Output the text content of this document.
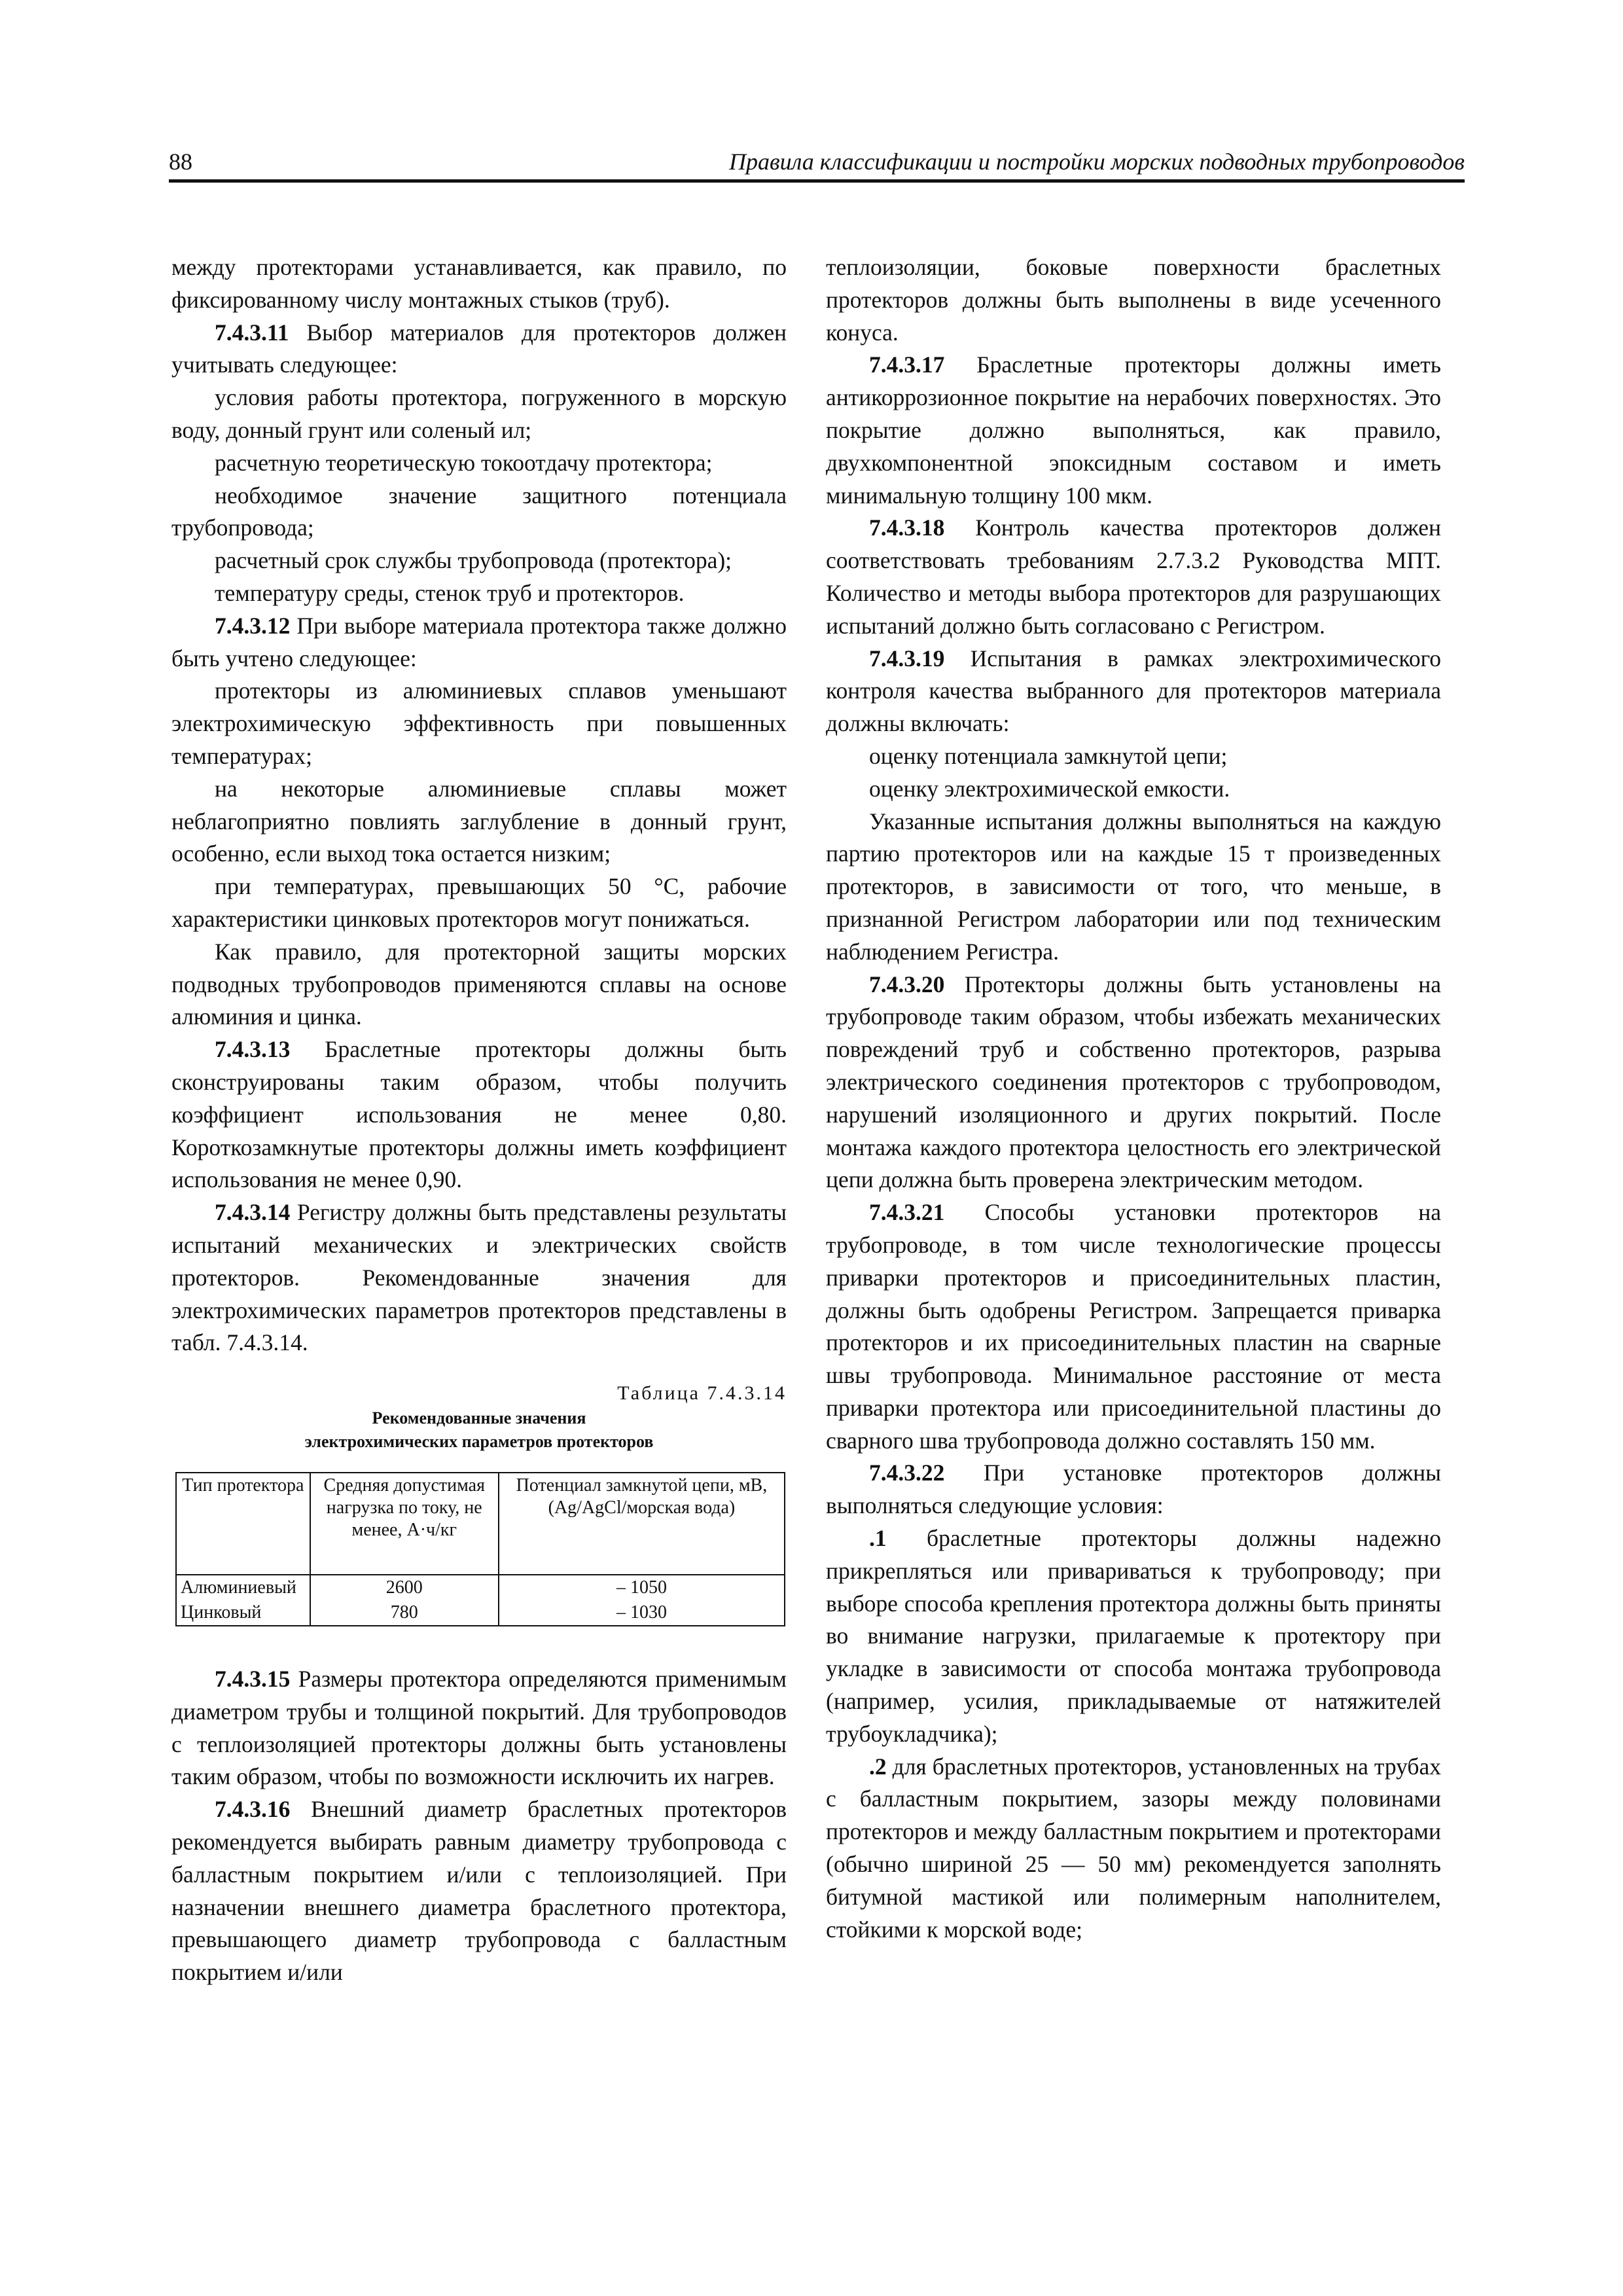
88	Правила классификации и постройки морских подводных трубопроводов

между протекторами устанавливается, как правило, по фиксированному числу монтажных стыков (труб).

7.4.3.11 Выбор материалов для протекторов должен учитывать следующее:

условия работы протектора, погруженного в морскую воду, донный грунт или соленый ил;

расчетную теоретическую токоотдачу протектора;

необходимое значение защитного потенциала трубопровода;

расчетный срок службы трубопровода (протектора);

температуру среды, стенок труб и протекторов.

7.4.3.12 При выборе материала протектора также должно быть учтено следующее:

протекторы из алюминиевых сплавов уменьшают электрохимическую эффективность при повышенных температурах;

на некоторые алюминиевые сплавы может неблагоприятно повлиять заглубление в донный грунт, особенно, если выход тока остается низким;

при температурах, превышающих 50 °С, рабочие характеристики цинковых протекторов могут понижаться.

Как правило, для протекторной защиты морских подводных трубопроводов применяются сплавы на основе алюминия и цинка.

7.4.3.13 Браслетные протекторы должны быть сконструированы таким образом, чтобы получить коэффициент использования не менее 0,80. Короткозамкнутые протекторы должны иметь коэффициент использования не менее 0,90.

7.4.3.14 Регистру должны быть представлены результаты испытаний механических и электрических свойств протекторов. Рекомендованные значения для электрохимических параметров протекторов представлены в табл. 7.4.3.14.

Таблица 7.4.3.14
Рекомендованные значения
электрохимических параметров протекторов
Тип протектора	Средняя допустимая нагрузка по току, не менее, А·ч/кг	Потенциал замкнутой цепи, мВ, (Ag/AgCl/морская вода)
Алюминиевый	2600	– 1050
Цинковый	780	– 1030

7.4.3.15 Размеры протектора определяются применимым диаметром трубы и толщиной покрытий. Для трубопроводов с теплоизоляцией протекторы должны быть установлены таким образом, чтобы по возможности исключить их нагрев.

7.4.3.16 Внешний диаметр браслетных протекторов рекомендуется выбирать равным диаметру трубопровода с балластным покрытием и/или с теплоизоляцией. При назначении внешнего диаметра браслетного протектора, превышающего диаметр трубопровода с балластным покрытием и/или

теплоизоляции, боковые поверхности браслетных протекторов должны быть выполнены в виде усеченного конуса.

7.4.3.17 Браслетные протекторы должны иметь антикоррозионное покрытие на нерабочих поверхностях. Это покрытие должно выполняться, как правило, двухкомпонентной эпоксидным составом и иметь минимальную толщину 100 мкм.

7.4.3.18 Контроль качества протекторов должен соответствовать требованиям 2.7.3.2 Руководства МПТ. Количество и методы выбора протекторов для разрушающих испытаний должно быть согласовано с Регистром.

7.4.3.19 Испытания в рамках электрохимического контроля качества выбранного для протекторов материала должны включать:

оценку потенциала замкнутой цепи;

оценку электрохимической емкости.

Указанные испытания должны выполняться на каждую партию протекторов или на каждые 15 т произведенных протекторов, в зависимости от того, что меньше, в признанной Регистром лаборатории или под техническим наблюдением Регистра.

7.4.3.20 Протекторы должны быть установлены на трубопроводе таким образом, чтобы избежать механических повреждений труб и собственно протекторов, разрыва электрического соединения протекторов с трубопроводом, нарушений изоляционного и других покрытий. После монтажа каждого протектора целостность его электрической цепи должна быть проверена электрическим методом.

7.4.3.21 Способы установки протекторов на трубопроводе, в том числе технологические процессы приварки протекторов и присоединительных пластин, должны быть одобрены Регистром. Запрещается приварка протекторов и их присоединительных пластин на сварные швы трубопровода. Минимальное расстояние от места приварки протектора или присоединительной пластины до сварного шва трубопровода должно составлять 150 мм.

7.4.3.22 При установке протекторов должны выполняться следующие условия:

.1 браслетные протекторы должны надежно прикрепляться или привариваться к трубопроводу; при выборе способа крепления протектора должны быть приняты во внимание нагрузки, прилагаемые к протектору при укладке в зависимости от способа монтажа трубопровода (например, усилия, прикладываемые от натяжителей трубоукладчика);

.2 для браслетных протекторов, установленных на трубах с балластным покрытием, зазоры между половинами протекторов и между балластным покрытием и протекторами (обычно шириной 25 — 50 мм) рекомендуется заполнять битумной мастикой или полимерным наполнителем, стойкими к морской воде;
